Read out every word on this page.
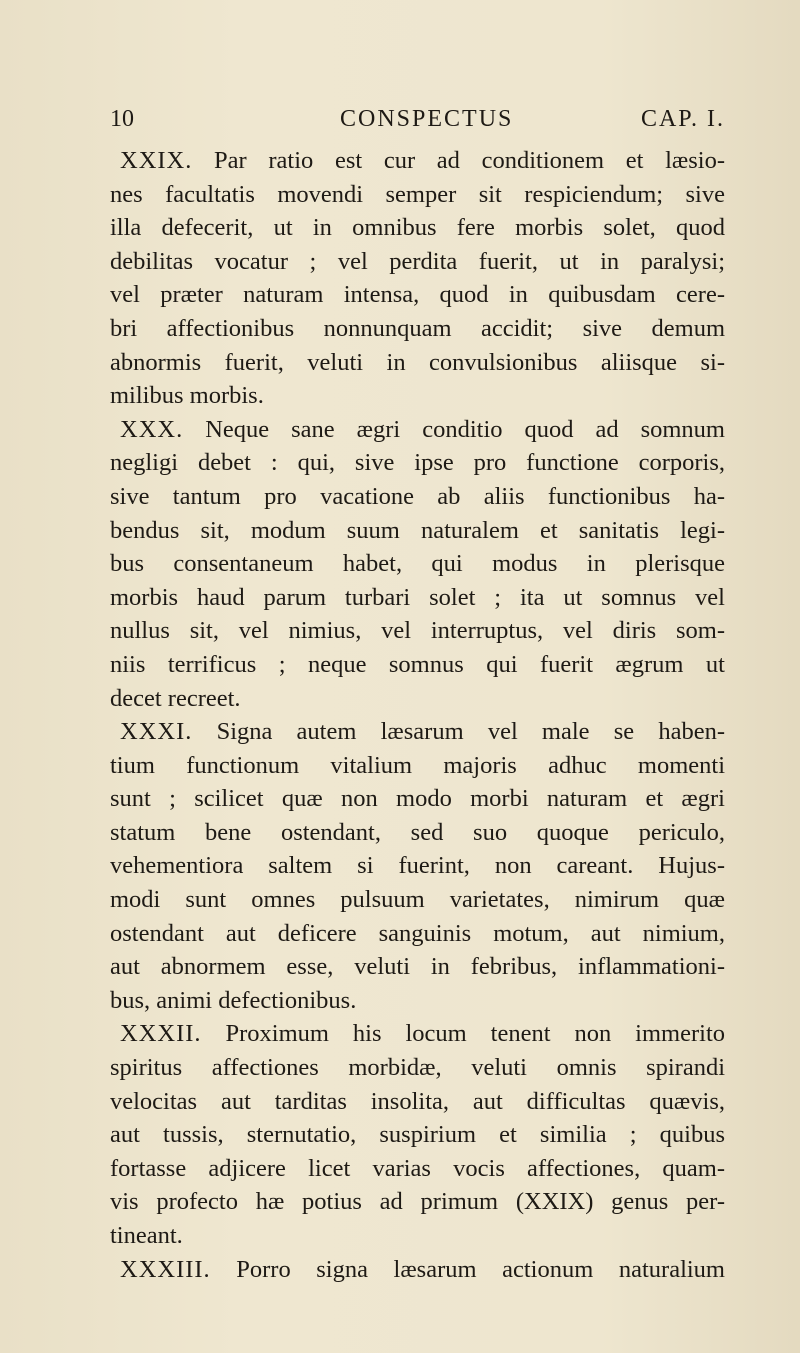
10	CONSPECTUS	CAP. I.
XXIX. Par ratio est cur ad conditionem et læsio-
nes facultatis movendi semper sit respiciendum; sive
illa defecerit, ut in omnibus fere morbis solet, quod
debilitas vocatur ; vel perdita fuerit, ut in paralysi;
vel præter naturam intensa, quod in quibusdam cere-
bri affectionibus nonnunquam accidit; sive demum
abnormis fuerit, veluti in convulsionibus aliisque si-
milibus morbis.
XXX. Neque sane ægri conditio quod ad somnum
negligi debet : qui, sive ipse pro functione corporis,
sive tantum pro vacatione ab aliis functionibus ha-
bendus sit, modum suum naturalem et sanitatis legi-
bus consentaneum habet, qui modus in plerisque
morbis haud parum turbari solet ; ita ut somnus vel
nullus sit, vel nimius, vel interruptus, vel diris som-
niis terrificus ; neque somnus qui fuerit ægrum ut
decet recreet.
XXXI. Signa autem læsarum vel male se haben-
tium functionum vitalium majoris adhuc momenti
sunt ; scilicet quæ non modo morbi naturam et ægri
statum bene ostendant, sed suo quoque periculo,
vehementiora saltem si fuerint, non careant. Hujus-
modi sunt omnes pulsuum varietates, nimirum quæ
ostendant aut deficere sanguinis motum, aut nimium,
aut abnormem esse, veluti in febribus, inflammationi-
bus, animi defectionibus.
XXXII. Proximum his locum tenent non immerito
spiritus affectiones morbidæ, veluti omnis spirandi
velocitas aut tarditas insolita, aut difficultas quævis,
aut tussis, sternutatio, suspirium et similia ; quibus
fortasse adjicere licet varias vocis affectiones, quam-
vis profecto hæ potius ad primum (XXIX) genus per-
tineant.
XXXIII. Porro signa læsarum actionum naturalium
